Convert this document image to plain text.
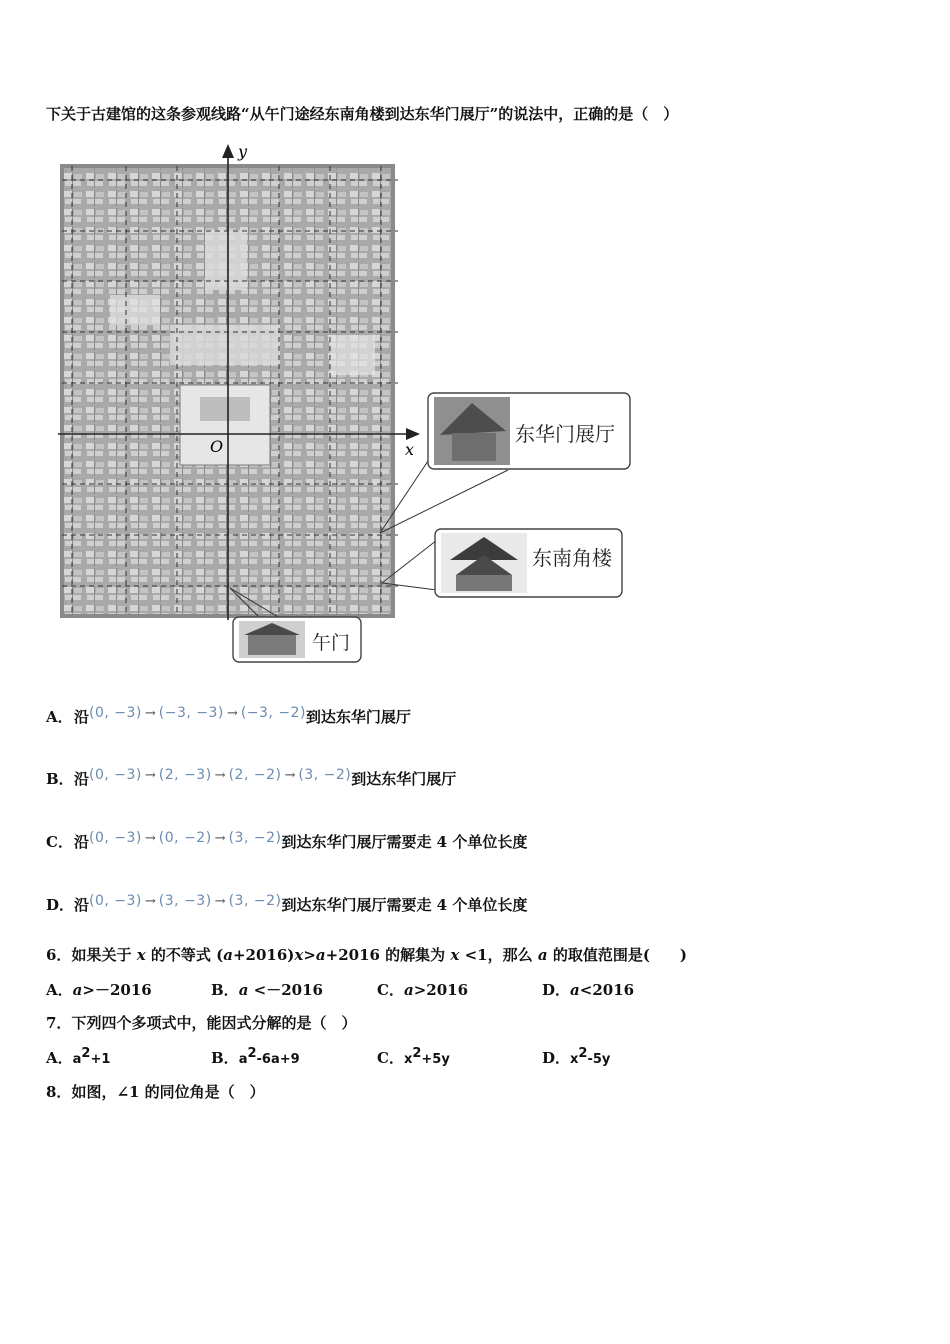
下关于古建馆的这条参观线路“从午门途经东南角楼到达东华门展厅”的说法中，正确的是（　）
y
x
O
东华门展厅
东南角楼
午门
A．沿(0, −3) → (−3, −3) → (−3, −2)到达东华门展厅
B．沿(0, −3) → (2, −3) → (2, −2) → (3, −2)到达东华门展厅
C．沿(0, −3) → (0, −2) → (3, −2)到达东华门展厅需要走 4 个单位长度
D．沿(0, −3) → (3, −3) → (3, −2)到达东华门展厅需要走 4 个单位长度
6．如果关于 x 的不等式 (a+2016)x>a+2016 的解集为 x <1，那么 a 的取值范围是(　　)
A．a>－2016	B．a <－2016	C．a>2016	D．a<2016
7．下列四个多项式中，能因式分解的是（　）
A．$a^2+1$	B．$a^2-6a+9$	C．$x^2+5y$	D．$x^2-5y$
8．如图，∠1 的同位角是（　）
